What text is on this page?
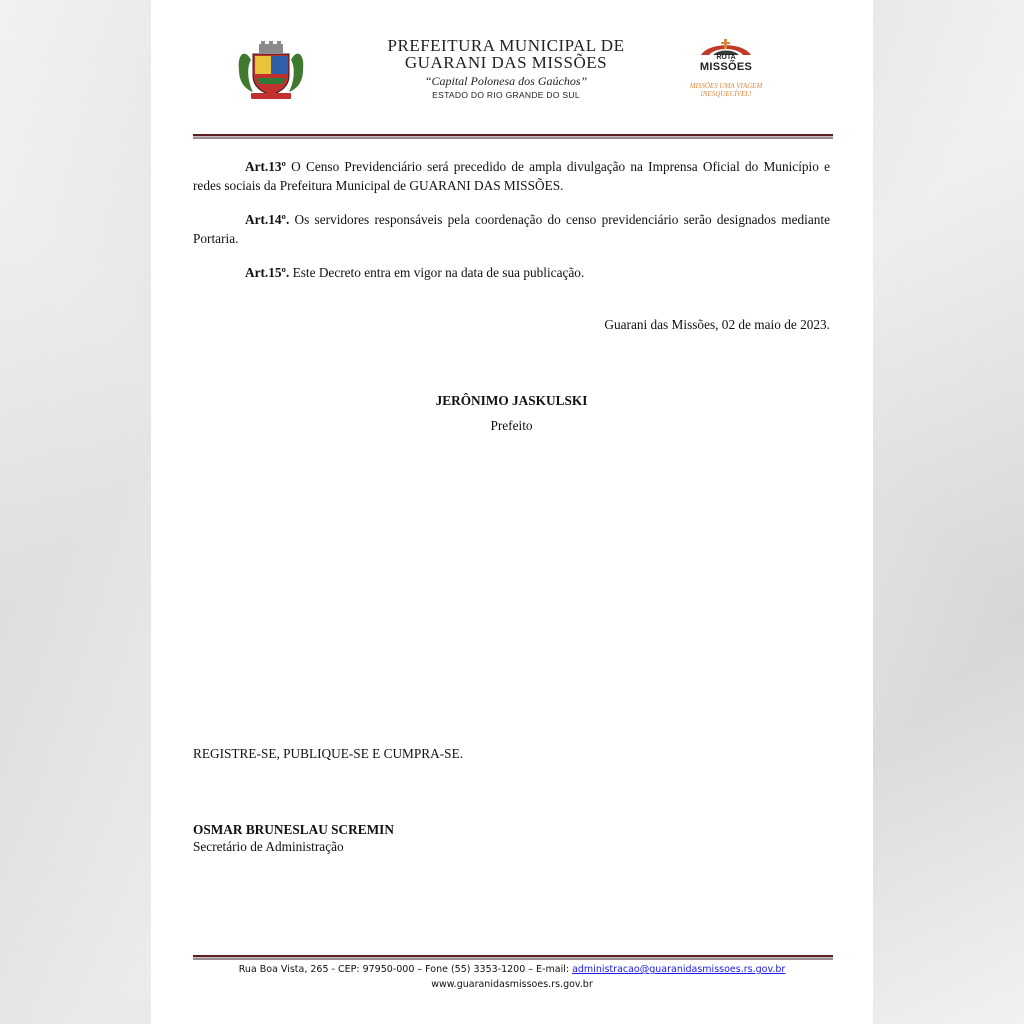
PREFEITURA MUNICIPAL DE
GUARANI DAS MISSÕES
“Capital Polonesa dos Gaúchos”
ESTADO DO RIO GRANDE DO SUL
ROTA
MISSÕES
MISSÕES UMA VIAGEM
INESQUECÍVEL!
Art.13º O Censo Previdenciário será precedido de ampla divulgação na Imprensa Oficial do Município e redes sociais da Prefeitura Municipal de GUARANI DAS MISSÕES.
Art.14º. Os servidores responsáveis pela coordenação do censo previdenciário serão designados mediante Portaria.
Art.15º. Este Decreto entra em vigor na data de sua publicação.
Guarani das Missões, 02 de maio de 2023.
JERÔNIMO JASKULSKI
Prefeito
REGISTRE-SE, PUBLIQUE-SE E CUMPRA-SE.
OSMAR BRUNESLAU SCREMIN
Secretário de Administração
Rua Boa Vista, 265 - CEP: 97950-000 – Fone (55) 3353-1200 – E-mail: administracao@guaranidasmissoes.rs.gov.br
www.guaranidasmissoes.rs.gov.br
